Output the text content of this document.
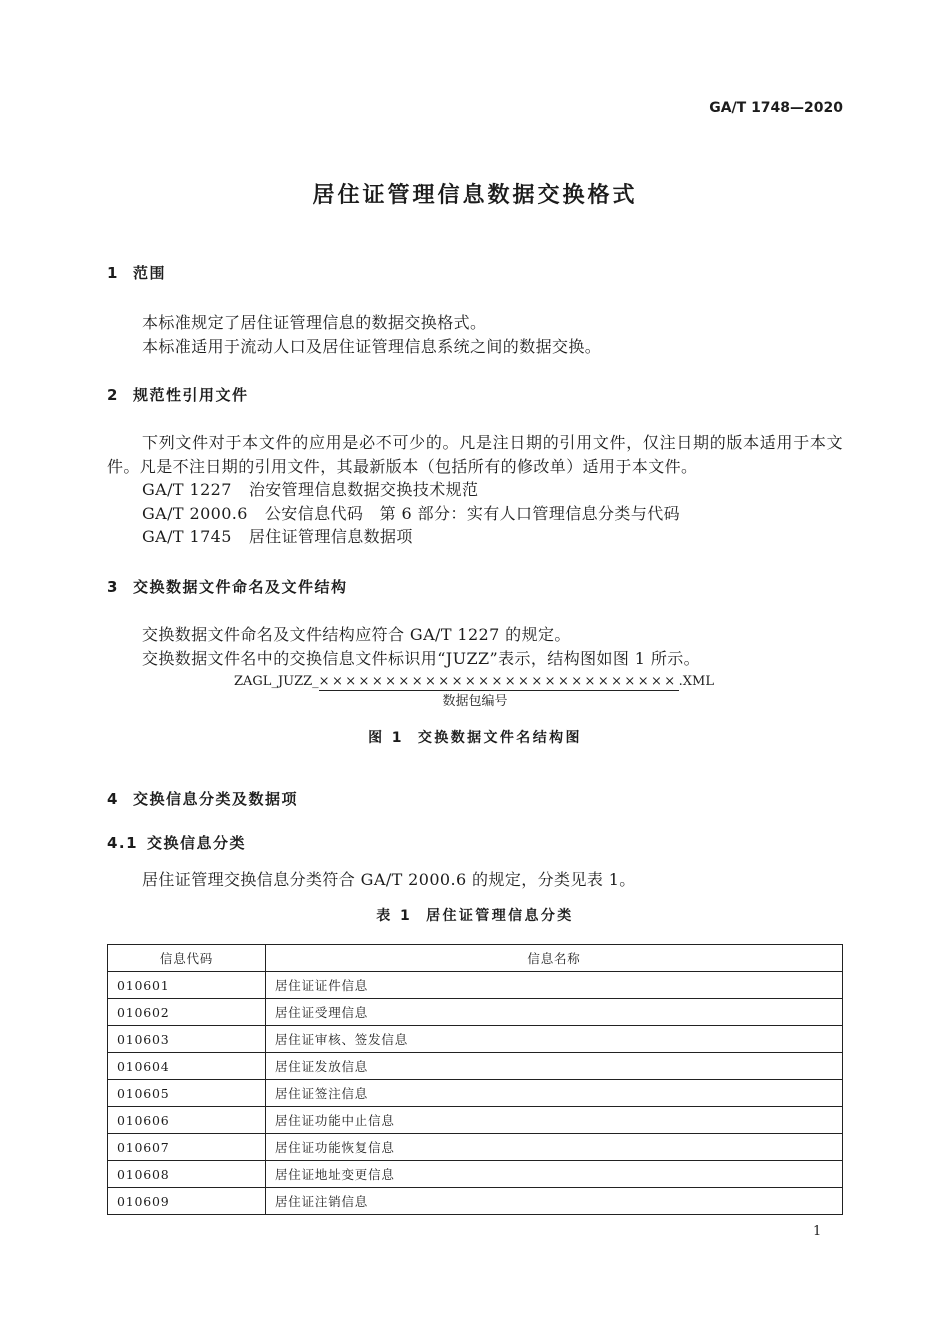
GA/T 1748—2020
居住证管理信息数据交换格式
1 范围
本标准规定了居住证管理信息的数据交换格式。
本标准适用于流动人口及居住证管理信息系统之间的数据交换。
2 规范性引用文件
下列文件对于本文件的应用是必不可少的。凡是注日期的引用文件，仅注日期的版本适用于本文件。凡是不注日期的引用文件，其最新版本（包括所有的修改单）适用于本文件。
GA/T 1227 治安管理信息数据交换技术规范
GA/T 2000.6 公安信息代码　第 6 部分：实有人口管理信息分类与代码
GA/T 1745 居住证管理信息数据项
3 交换数据文件命名及文件结构
交换数据文件命名及文件结构应符合 GA/T 1227 的规定。
交换数据文件名中的交换信息文件标识用“JUZZ”表示，结构图如图 1 所示。
ZAGL_JUZZ_×××××××××××××××××××××××××××.XML
数据包编号
图 1 交换数据文件名结构图
4 交换信息分类及数据项
4.1 交换信息分类
居住证管理交换信息分类符合 GA/T 2000.6 的规定，分类见表 1。
表 1 居住证管理信息分类
信息代码	信息名称
010601	居住证证件信息
010602	居住证受理信息
010603	居住证审核、签发信息
010604	居住证发放信息
010605	居住证签注信息
010606	居住证功能中止信息
010607	居住证功能恢复信息
010608	居住证地址变更信息
010609	居住证注销信息
1
